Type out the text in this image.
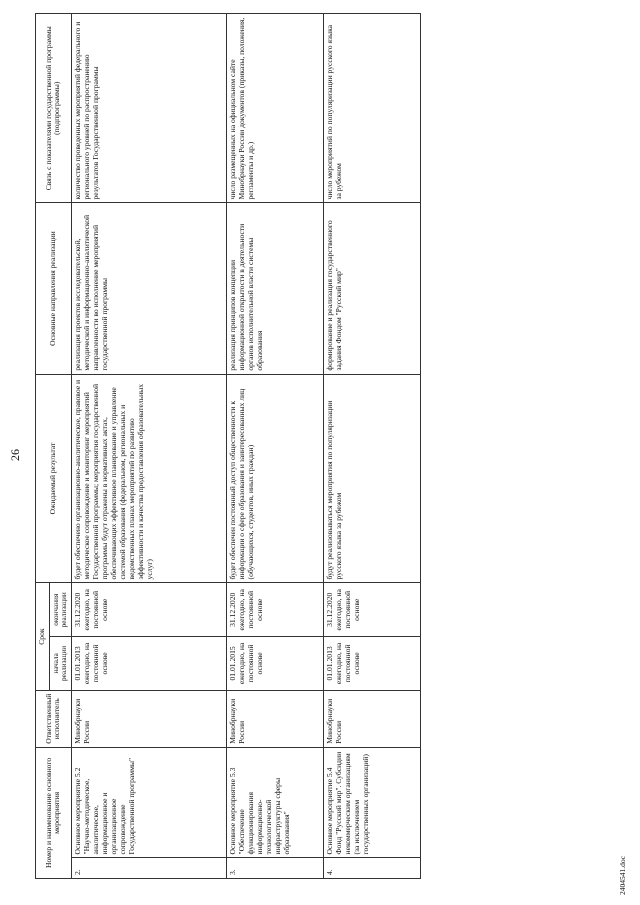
26
Номер и наименование основного мероприятия		Ответственный исполнитель	Срок		Ожидаемый результат	Основные направления реализации	Связь с показателями государственной программы (подпрограммы)
			начала реализации	окончания реализации			
2.	Основное мероприятие 5.2 "Научно-методическое, аналитическое, информационное и организационное сопровождение Государственной программы"	Минобрнауки России	01.01.2013 ежегодно, на постоянной основе	31.12.2020 ежегодно, на постоянной основе	будет обеспечено организационно-аналитическое, правовое и методическое сопровождение и мониторинг мероприятий Государственной программы; мероприятия государственной программы будут отражены в нормативных актах, обеспечивающих эффективное планирование и управление системой образования (федеральном, региональных и ведомственных планах мероприятий по развитию эффективности и качества предоставления образовательных услуг)	реализация проектов исследовательской, методической и информационно-аналитической направленности во исполнение мероприятий государственной программы	количество проведенных мероприятий федерального и регионального уровней по распространению результатов Государственной программы
3.	Основное мероприятие 5.3 "Обеспечение функционирования информационно-технологической инфраструктуры сферы образования"	Минобрнауки России	01.01.2015 ежегодно, на постоянной основе	31.12.2020 ежегодно, на постоянной основе	будет обеспечен постоянный доступ общественности к информации о сфере образования и заинтересованных лиц (обучающихся, студентов, иных граждан)	реализация принципов концепции информационной открытости в деятельности органов исполнительной власти системы образования	число размещенных на официальном сайте Минобрнауки России документов (приказы, положения, регламенты и др.)
4.	Основное мероприятие 5.4 Фонд "Русский мир". Субсидии некоммерческим организациям (за исключением государственных организаций)	Минобрнауки России	01.01.2013 ежегодно, на постоянной основе	31.12.2020 ежегодно, на постоянной основе	будут реализовываться мероприятия по популяризации русского языка за рубежом	формирование и реализация государственного задания Фондом "Русский мир"	число мероприятий по популяризации русского языка за рубежом
2404541.doc
